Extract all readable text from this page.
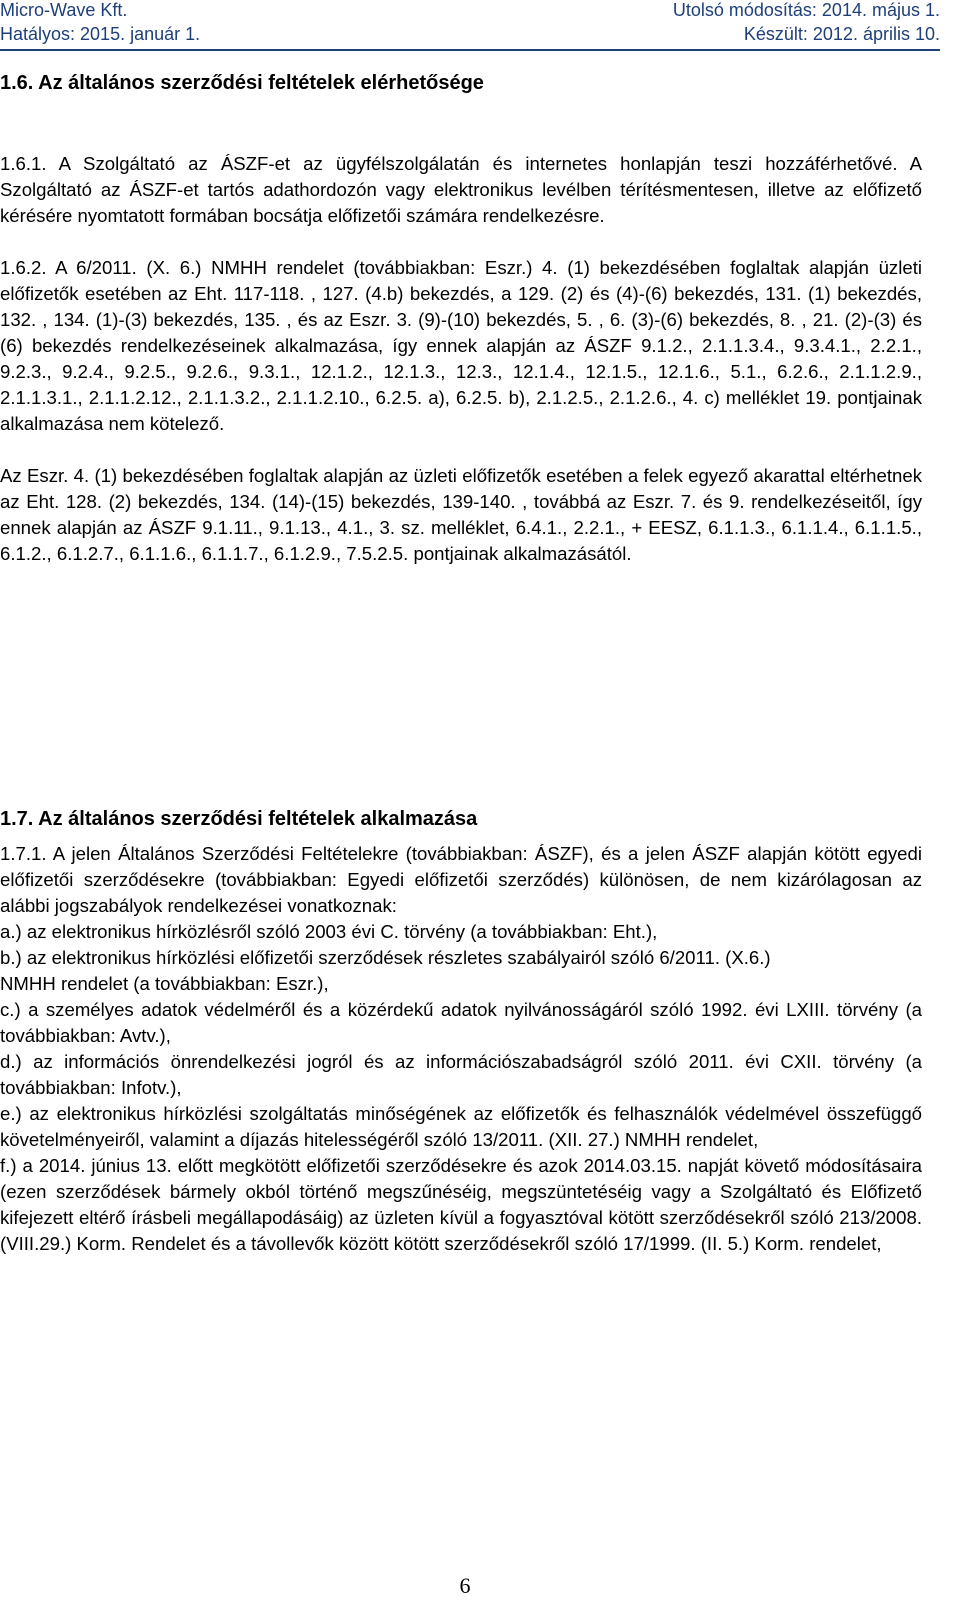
Micro-Wave Kft.	Utolsó módosítás: 2014. május 1.
Hatályos: 2015. január 1.	Készült: 2012. április 10.
1.6. Az általános szerződési feltételek elérhetősége

1.6.1. A Szolgáltató az ÁSZF-et az ügyfélszolgálatán és internetes honlapján teszi hozzáférhetővé. A Szolgáltató az ÁSZF-et tartós adathordozón vagy elektronikus levélben térítésmentesen, illetve az előfizető kérésére nyomtatott formában bocsátja előfizetői számára rendelkezésre.

1.6.2. A 6/2011. (X. 6.) NMHH rendelet (továbbiakban: Eszr.) 4. (1) bekezdésében foglaltak alapján üzleti előfizetők esetében az Eht. 117-118. , 127. (4.b) bekezdés, a 129. (2) és (4)-(6) bekezdés, 131. (1) bekezdés, 132. , 134. (1)-(3) bekezdés, 135. , és az Eszr. 3. (9)-(10) bekezdés, 5. , 6. (3)-(6) bekezdés, 8. , 21. (2)-(3) és (6) bekezdés rendelkezéseinek alkalmazása, így ennek alapján az ÁSZF 9.1.2., 2.1.1.3.4., 9.3.4.1., 2.2.1., 9.2.3., 9.2.4., 9.2.5., 9.2.6., 9.3.1., 12.1.2., 12.1.3., 12.3., 12.1.4., 12.1.5., 12.1.6., 5.1., 6.2.6., 2.1.1.2.9., 2.1.1.3.1., 2.1.1.2.12., 2.1.1.3.2., 2.1.1.2.10., 6.2.5. a), 6.2.5. b), 2.1.2.5., 2.1.2.6., 4. c) melléklet 19. pontjainak alkalmazása nem kötelező.

Az Eszr. 4. (1) bekezdésében foglaltak alapján az üzleti előfizetők esetében a felek egyező akarattal eltérhetnek az Eht. 128. (2) bekezdés, 134. (14)-(15) bekezdés, 139-140. , továbbá az Eszr. 7. és 9. rendelkezéseitől, így ennek alapján az ÁSZF 9.1.11., 9.1.13., 4.1., 3. sz. melléklet, 6.4.1., 2.2.1., + EESZ, 6.1.1.3., 6.1.1.4., 6.1.1.5., 6.1.2., 6.1.2.7., 6.1.1.6., 6.1.1.7., 6.1.2.9., 7.5.2.5. pontjainak alkalmazásától.

1.7. Az általános szerződési feltételek alkalmazása

1.7.1. A jelen Általános Szerződési Feltételekre (továbbiakban: ÁSZF), és a jelen ÁSZF alapján kötött egyedi előfizetői szerződésekre (továbbiakban: Egyedi előfizetői szerződés) különösen, de nem kizárólagosan az alábbi jogszabályok rendelkezései vonatkoznak:

a.) az elektronikus hírközlésről szóló 2003 évi C. törvény (a továbbiakban: Eht.),

b.) az elektronikus hírközlési előfizetői szerződések részletes szabályairól szóló 6/2011. (X.6.)

NMHH rendelet (a továbbiakban: Eszr.),

c.) a személyes adatok védelméről és a közérdekű adatok nyilvánosságáról szóló 1992. évi LXIII. törvény (a továbbiakban: Avtv.),

d.) az információs önrendelkezési jogról és az információszabadságról szóló 2011. évi CXII. törvény (a továbbiakban: Infotv.),

e.) az elektronikus hírközlési szolgáltatás minőségének az előfizetők és felhasználók védelmével összefüggő követelményeiről, valamint a díjazás hitelességéről szóló 13/2011. (XII. 27.) NMHH rendelet,

f.) a 2014. június 13. előtt megkötött előfizetői szerződésekre és azok 2014.03.15. napját követő módosításaira (ezen szerződések bármely okból történő megszűnéséig, megszüntetéséig vagy a Szolgáltató és Előfizető kifejezett eltérő írásbeli megállapodásáig) az üzleten kívül a fogyasztóval kötött szerződésekről szóló 213/2008. (VIII.29.) Korm. Rendelet és a távollevők között kötött szerződésekről szóló 17/1999. (II. 5.) Korm. rendelet,

6
